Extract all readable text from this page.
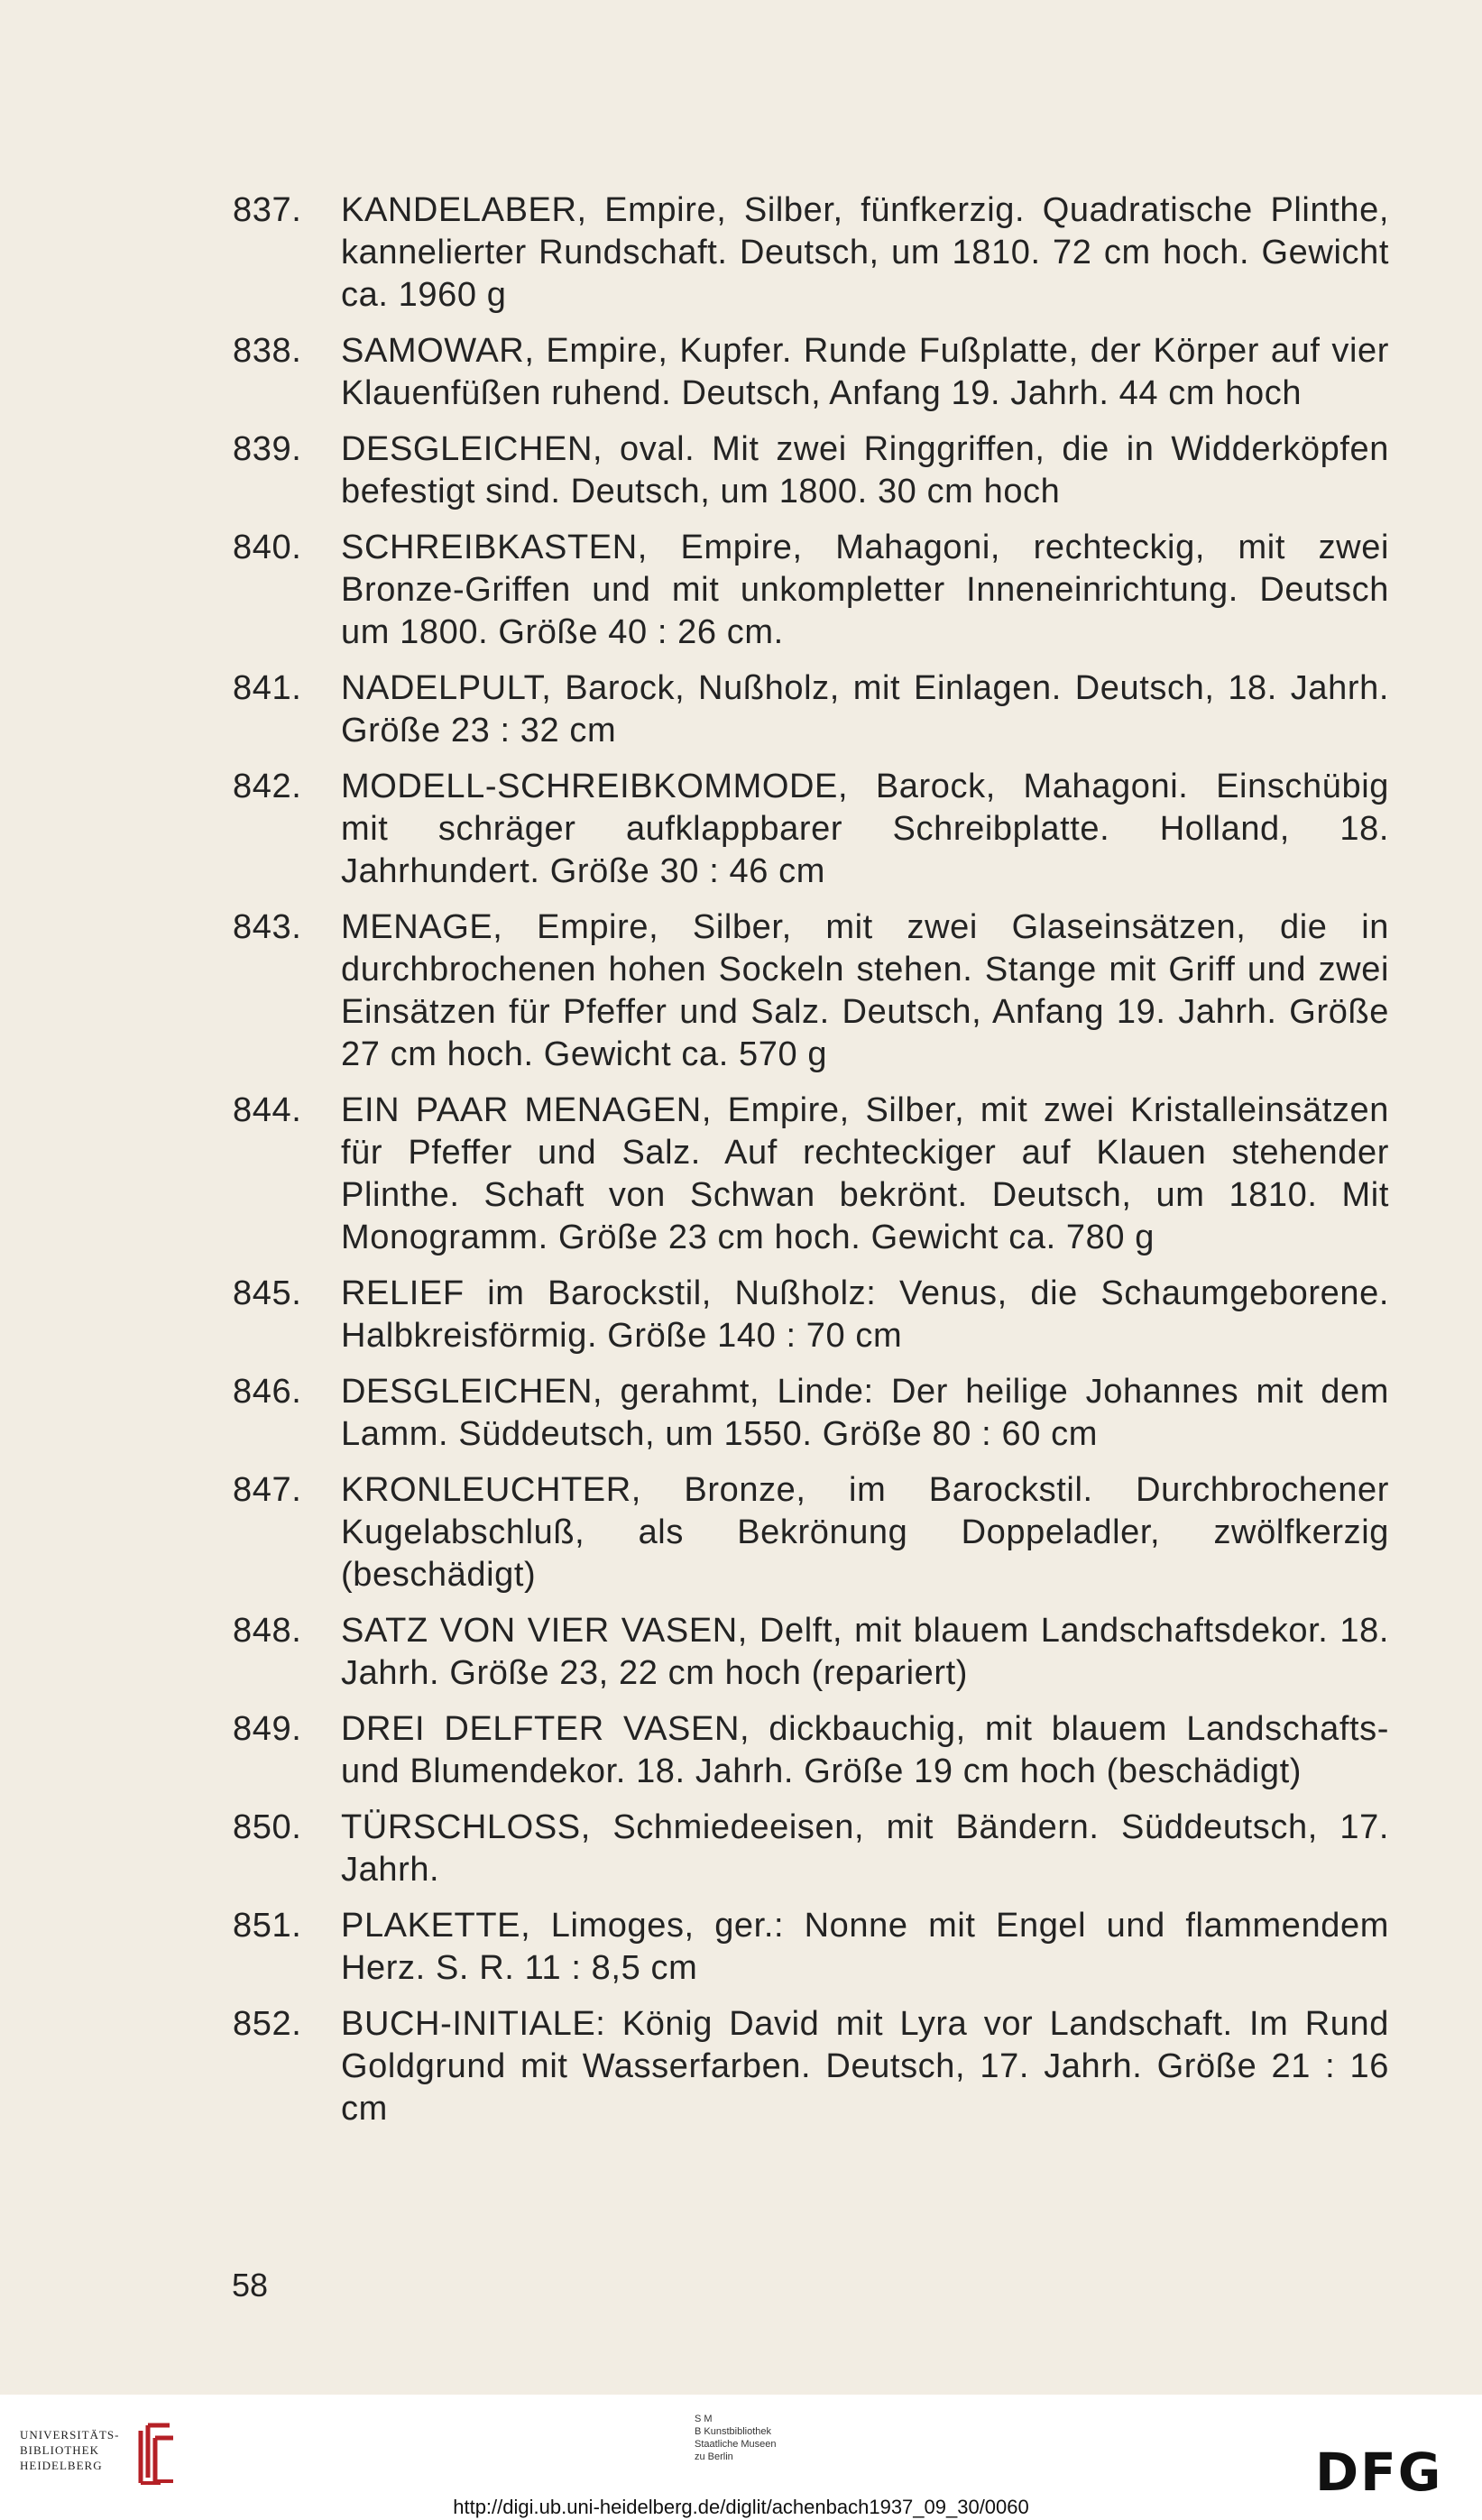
837. KANDELABER, Empire, Silber, fünfkerzig. Quadratische Plinthe, kannelierter Rundschaft. Deutsch, um 1810. 72 cm hoch. Gewicht ca. 1960 g
838. SAMOWAR, Empire, Kupfer. Runde Fußplatte, der Körper auf vier Klauenfüßen ruhend. Deutsch, Anfang 19. Jahrh. 44 cm hoch
839. DESGLEICHEN, oval. Mit zwei Ringgriffen, die in Widderköpfen befestigt sind. Deutsch, um 1800. 30 cm hoch
840. SCHREIBKASTEN, Empire, Mahagoni, rechteckig, mit zwei Bronze-Griffen und mit unkompletter Inneneinrichtung. Deutsch um 1800. Größe 40 : 26 cm.
841. NADELPULT, Barock, Nußholz, mit Einlagen. Deutsch, 18. Jahrh. Größe 23 : 32 cm
842. MODELL-SCHREIBKOMMODE, Barock, Mahagoni. Einschübig mit schräger aufklappbarer Schreibplatte. Holland, 18. Jahrhundert. Größe 30 : 46 cm
843. MENAGE, Empire, Silber, mit zwei Glaseinsätzen, die in durchbrochenen hohen Sockeln stehen. Stange mit Griff und zwei Einsätzen für Pfeffer und Salz. Deutsch, Anfang 19. Jahrh. Größe 27 cm hoch. Gewicht ca. 570 g
844. EIN PAAR MENAGEN, Empire, Silber, mit zwei Kristalleinsätzen für Pfeffer und Salz. Auf rechteckiger auf Klauen stehender Plinthe. Schaft von Schwan bekrönt. Deutsch, um 1810. Mit Monogramm. Größe 23 cm hoch. Gewicht ca. 780 g
845. RELIEF im Barockstil, Nußholz: Venus, die Schaumgeborene. Halbkreisförmig. Größe 140 : 70 cm
846. DESGLEICHEN, gerahmt, Linde: Der heilige Johannes mit dem Lamm. Süddeutsch, um 1550. Größe 80 : 60 cm
847. KRONLEUCHTER, Bronze, im Barockstil. Durchbrochener Kugelabschluß, als Bekrönung Doppeladler, zwölfkerzig (beschädigt)
848. SATZ VON VIER VASEN, Delft, mit blauem Landschaftsdekor. 18. Jahrh. Größe 23, 22 cm hoch (repariert)
849. DREI DELFTER VASEN, dickbauchig, mit blauem Landschafts- und Blumendekor. 18. Jahrh. Größe 19 cm hoch (beschädigt)
850. TÜRSCHLOSS, Schmiedeeisen, mit Bändern. Süddeutsch, 17. Jahrh.
851. PLAKETTE, Limoges, ger.: Nonne mit Engel und flammendem Herz. S. R. 11 : 8,5 cm
852. BUCH-INITIALE: König David mit Lyra vor Landschaft. Im Rund Goldgrund mit Wasserfarben. Deutsch, 17. Jahrh. Größe 21 : 16 cm
58
UNIVERSITÄTS-
BIBLIOTHEK
HEIDELBERG
S M
B Kunstbibliothek
Staatliche Museen
zu Berlin	DFG
http://digi.ub.uni-heidelberg.de/diglit/achenbach1937_09_30/0060
